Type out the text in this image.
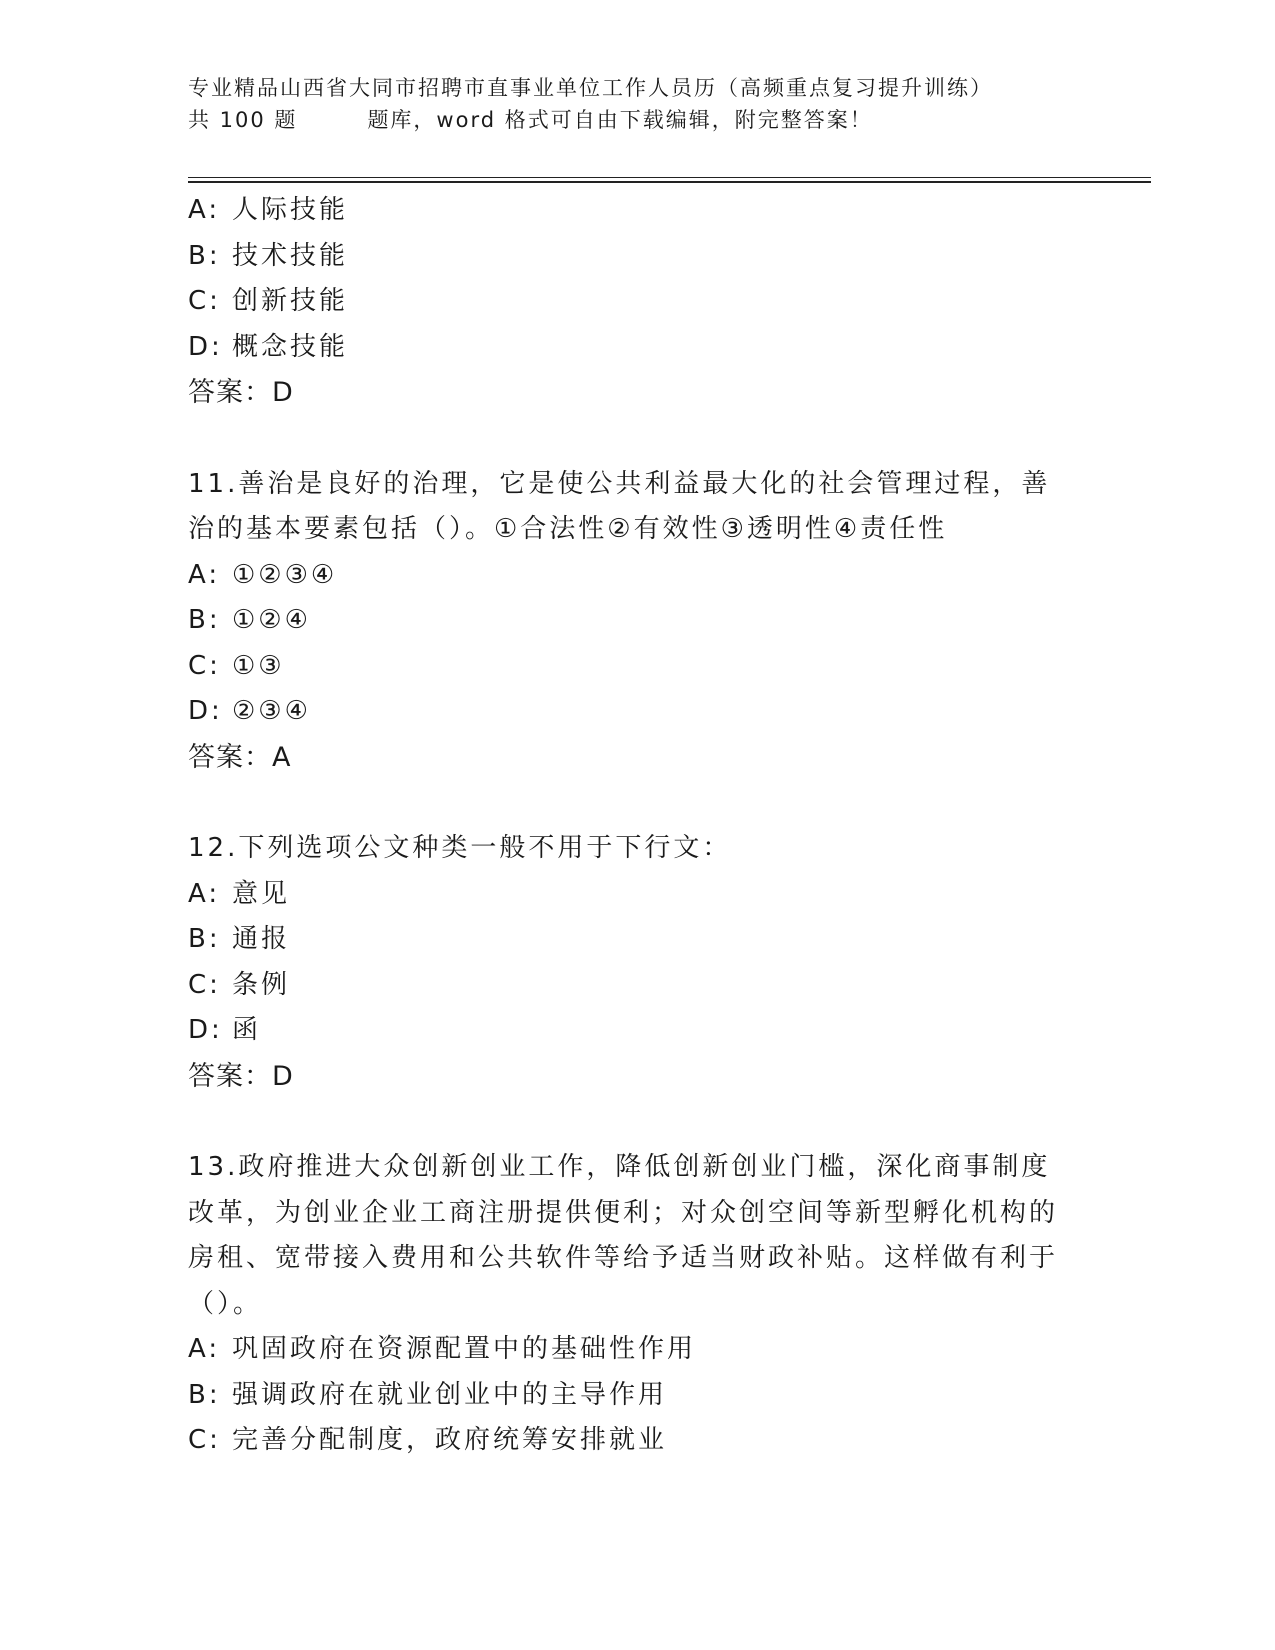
专业精品山西省大同市招聘市直事业单位工作人员历（高频重点复习提升训练）
共 100 题	题库，word 格式可自由下载编辑，附完整答案！
A: 人际技能
B: 技术技能
C: 创新技能
D: 概念技能
答案：D
11.善治是良好的治理，它是使公共利益最大化的社会管理过程，善治的基本要素包括（）。①合法性②有效性③透明性④责任性
A: ①②③④
B: ①②④
C: ①③
D: ②③④
答案：A
12.下列选项公文种类一般不用于下行文：
A: 意见
B: 通报
C: 条例
D: 函
答案：D
13.政府推进大众创新创业工作，降低创新创业门槛，深化商事制度改革，为创业企业工商注册提供便利；对众创空间等新型孵化机构的房租、宽带接入费用和公共软件等给予适当财政补贴。这样做有利于（）。
A: 巩固政府在资源配置中的基础性作用
B: 强调政府在就业创业中的主导作用
C: 完善分配制度，政府统筹安排就业
